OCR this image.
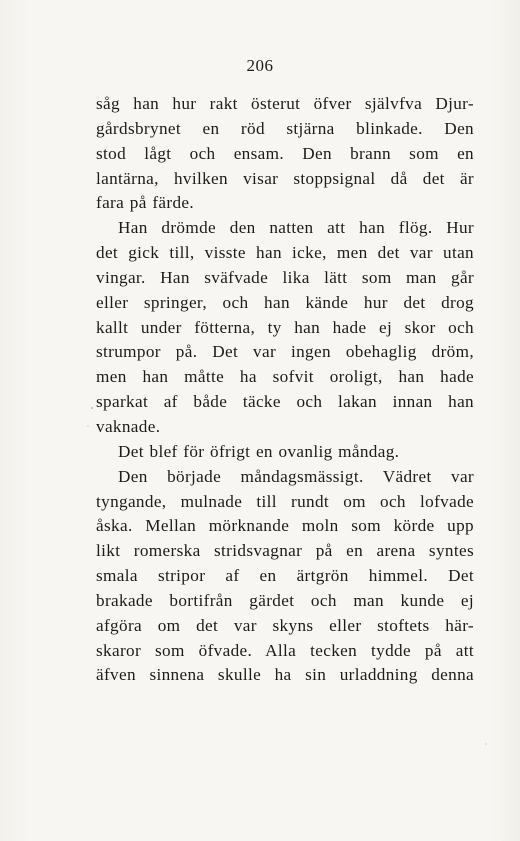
206
såg han hur rakt österut öfver självfva Djur-
gårdsbrynet en röd stjärna blinkade. Den
stod lågt och ensam. Den brann som en
lantärna, hvilken visar stoppsignal då det är
fara på färde.
Han drömde den natten att han flög. Hur
det gick till, visste han icke, men det var utan
vingar. Han sväfvade lika lätt som man går
eller springer, och han kände hur det drog
kallt under fötterna, ty han hade ej skor och
strumpor på. Det var ingen obehaglig dröm,
men han måtte ha sofvit oroligt, han hade
sparkat af både täcke och lakan innan han
vaknade.
Det blef för öfrigt en ovanlig måndag.
Den började måndagsmässigt. Vädret var
tyngande, mulnade till rundt om och lofvade
åska. Mellan mörknande moln som körde upp
likt romerska stridsvagnar på en arena syntes
smala stripor af en ärtgrön himmel. Det
brakade bortifrån gärdet och man kunde ej
afgöra om det var skyns eller stoftets här-
skaror som öfvade. Alla tecken tydde på att
äfven sinnena skulle ha sin urladdning denna
